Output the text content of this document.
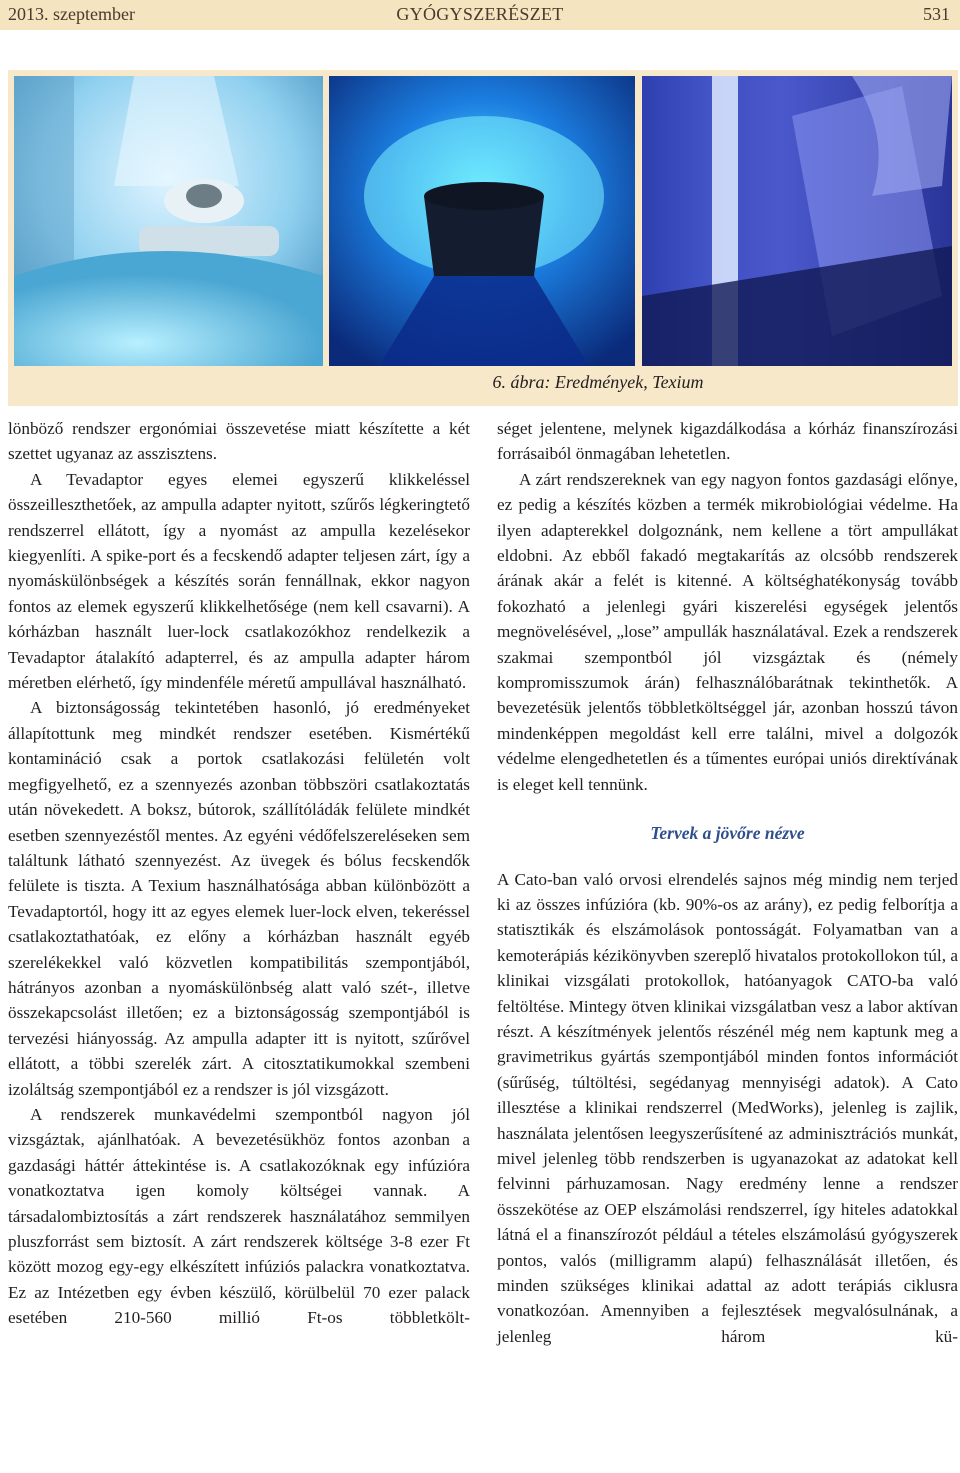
2013. szeptember	GYÓGYSZERÉSZET	531
6. ábra: Eredmények, Texium

lönböző rendszer ergonómiai összevetése miatt készítette a két szettet ugyanaz az asszisztens.

A Tevadaptor egyes elemei egyszerű klikkeléssel összeilleszthetőek, az ampulla adapter nyitott, szűrős légkeringtető rendszerrel ellátott, így a nyomást az ampulla kezelésekor kiegyenlíti. A spike-port és a fecskendő adapter teljesen zárt, így a nyomáskülönbségek a készítés során fennállnak, ekkor nagyon fontos az elemek egyszerű klikkelhetősége (nem kell csavarni). A kórházban használt luer-lock csatlakozókhoz rendelkezik a Tevadaptor átalakító adapterrel, és az ampulla adapter három méretben elérhető, így mindenféle méretű ampullával használható.

A biztonságosság tekintetében hasonló, jó eredményeket állapítottunk meg mindkét rendszer esetében. Kismértékű kontamináció csak a portok csatlakozási felületén volt megfigyelhető, ez a szennyezés azonban többszöri csatlakoztatás után növekedett. A boksz, bútorok, szállítóládák felülete mindkét esetben szennyezéstől mentes. Az egyéni védőfelszereléseken sem találtunk látható szennyezést. Az üvegek és bólus fecskendők felülete is tiszta. A Texium használhatósága abban különbözött a Tevadaptortól, hogy itt az egyes elemek luer-lock elven, tekeréssel csatlakoztathatóak, ez előny a kórházban használt egyéb szerelékekkel való közvetlen kompatibilitás szempontjából, hátrányos azonban a nyomáskülönbség alatt való szét-, illetve összekapcsolást illetően; ez a biztonságosság szempontjából is tervezési hiányosság. Az ampulla adapter itt is nyitott, szűrővel ellátott, a többi szerelék zárt. A citosztatikumokkal szembeni izoláltság szempontjából ez a rendszer is jól vizsgázott.

A rendszerek munkavédelmi szempontból nagyon jól vizsgáztak, ajánlhatóak. A bevezetésükhöz fontos azonban a gazdasági háttér áttekintése is. A csatlakozóknak egy infúzióra vonatkoztatva igen komoly költségei vannak. A társadalombiztosítás a zárt rendszerek használatához semmilyen pluszforrást sem biztosít. A zárt rendszerek költsége 3-8 ezer Ft között mozog egy-egy elkészített infúziós palackra vonatkoztatva. Ez az Intézetben egy évben készülő, körülbelül 70 ezer palack esetében 210-560 millió Ft-os többletkölt-

séget jelentene, melynek kigazdálkodása a kórház finanszírozási forrásaiból önmagában lehetetlen.

A zárt rendszereknek van egy nagyon fontos gazdasági előnye, ez pedig a készítés közben a termék mikrobiológiai védelme. Ha ilyen adapterekkel dolgoznánk, nem kellene a tört ampullákat eldobni. Az ebből fakadó megtakarítás az olcsóbb rendszerek árának akár a felét is kitenné. A költséghatékonyság tovább fokozható a jelenlegi gyári kiszerelési egységek jelentős megnövelésével, „lose” ampullák használatával. Ezek a rendszerek szakmai szempontból jól vizsgáztak és (némely kompromisszumok árán) felhasználóbarátnak tekinthetők. A bevezetésük jelentős többletköltséggel jár, azonban hosszú távon mindenképpen megoldást kell erre találni, mivel a dolgozók védelme elengedhetetlen és a tűmentes európai uniós direktívának is eleget kell tennünk.

Tervek a jövőre nézve

A Cato-ban való orvosi elrendelés sajnos még mindig nem terjed ki az összes infúzióra (kb. 90%-os az arány), ez pedig felborítja a statisztikák és elszámolások pontosságát. Folyamatban van a kemoterápiás kézikönyvben szereplő hivatalos protokollokon túl, a klinikai vizsgálati protokollok, hatóanyagok CATO-ba való feltöltése. Mintegy ötven klinikai vizsgálatban vesz a labor aktívan részt. A készítmények jelentős részénél még nem kaptunk meg a gravimetrikus gyártás szempontjából minden fontos információt (sűrűség, túltöltési, segédanyag mennyiségi adatok). A Cato illesztése a klinikai rendszerrel (MedWorks), jelenleg is zajlik, használata jelentősen leegyszerűsítené az adminisztrációs munkát, mivel jelenleg több rendszerben is ugyanazokat az adatokat kell felvinni párhuzamosan. Nagy eredmény lenne a rendszer összekötése az OEP elszámolási rendszerrel, így hiteles adatokkal látná el a finanszírozót például a tételes elszámolású gyógyszerek pontos, valós (milligramm alapú) felhasználását illetően, és minden szükséges klinikai adattal az adott terápiás ciklusra vonatkozóan. Amennyiben a fejlesztések megvalósulnának, a jelenleg három kü-
